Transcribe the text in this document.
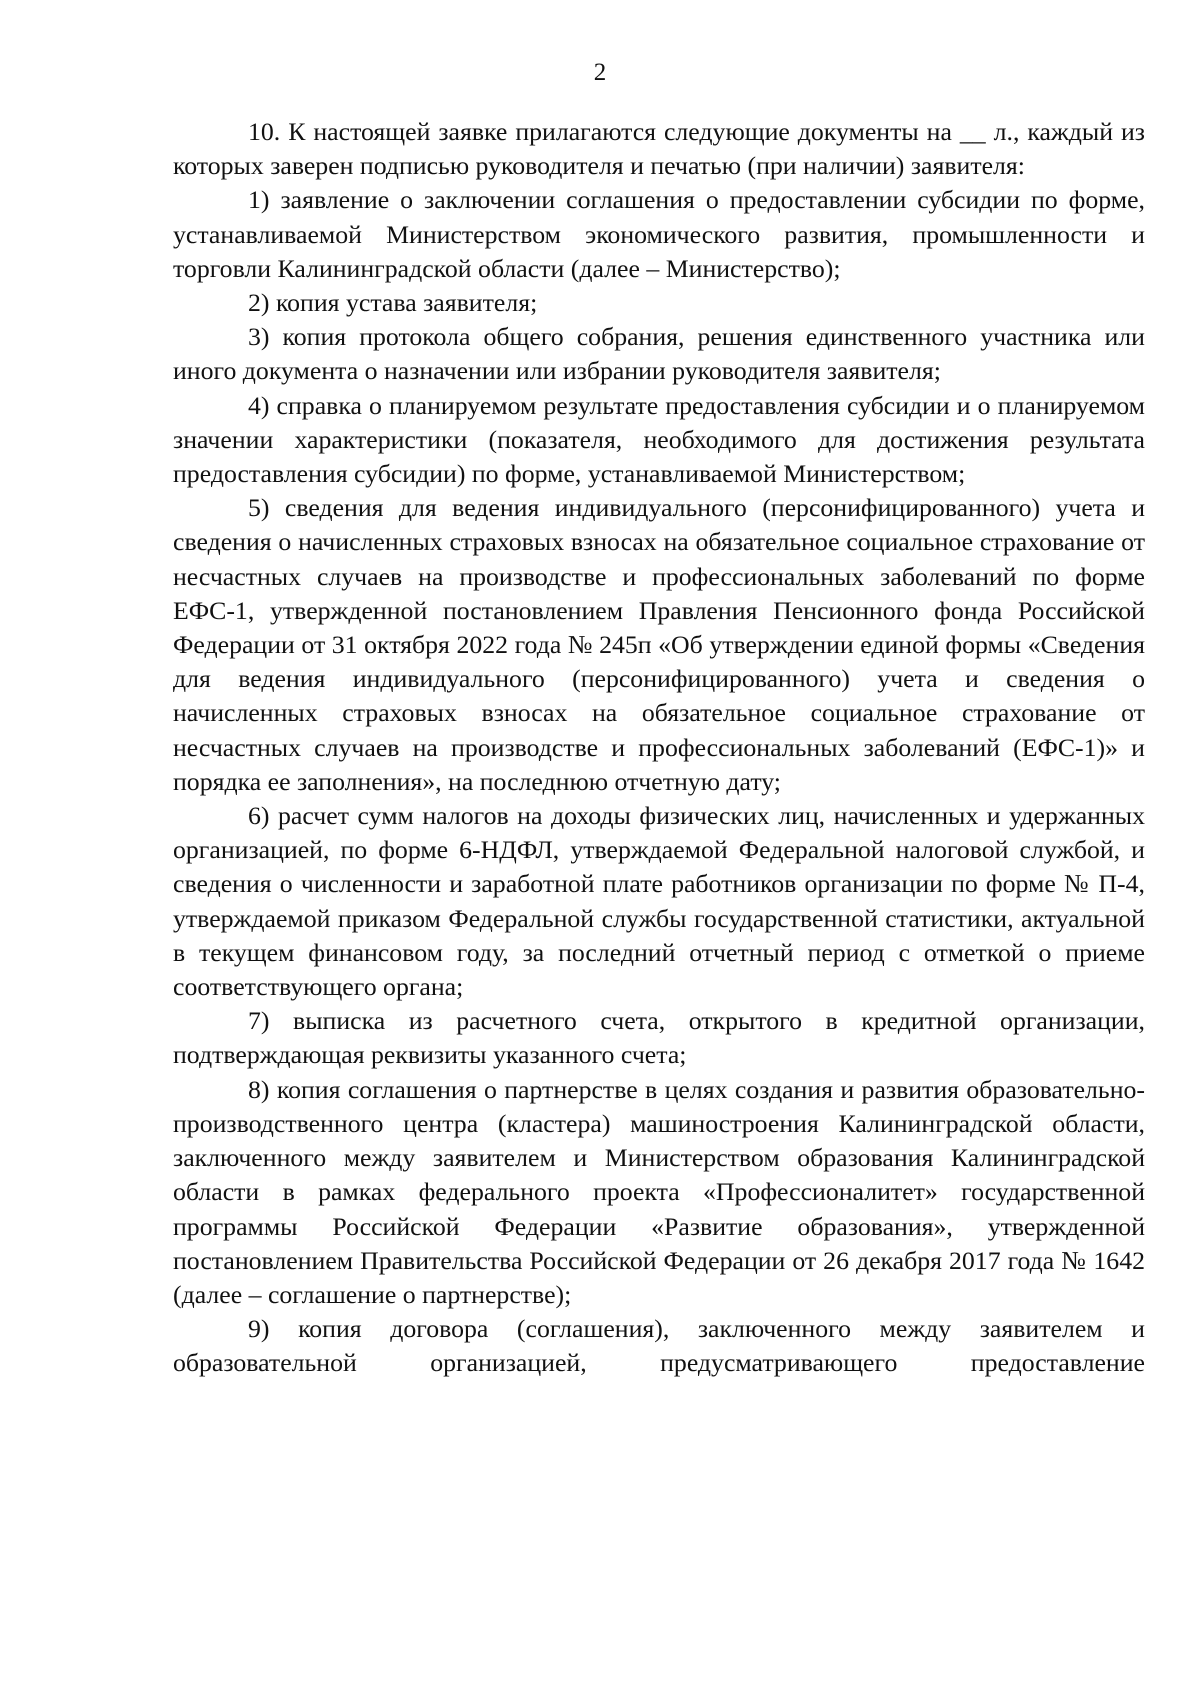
2

10. К настоящей заявке прилагаются следующие документы на __ л., каждый из которых заверен подписью руководителя и печатью (при наличии) заявителя:

1) заявление о заключении соглашения о предоставлении субсидии по форме, устанавливаемой Министерством экономического развития, промышленности и торговли Калининградской области (далее – Министерство);

2) копия устава заявителя;

3) копия протокола общего собрания, решения единственного участника или иного документа о назначении или избрании руководителя заявителя;

4) справка о планируемом результате предоставления субсидии и о планируемом значении характеристики (показателя, необходимого для достижения результата предоставления субсидии) по форме, устанавливаемой Министерством;

5) сведения для ведения индивидуального (персонифицированного) учета и сведения о начисленных страховых взносах на обязательное социальное страхование от несчастных случаев на производстве и профессиональных заболеваний по форме ЕФС-1, утвержденной постановлением Правления Пенсионного фонда Российской Федерации от 31 октября 2022 года № 245п «Об утверждении единой формы «Сведения для ведения индивидуального (персонифицированного) учета и сведения о начисленных страховых взносах на обязательное социальное страхование от несчастных случаев на производстве и профессиональных заболеваний (ЕФС-1)» и порядка ее заполнения», на последнюю отчетную дату;

6) расчет сумм налогов на доходы физических лиц, начисленных и удержанных организацией, по форме 6-НДФЛ, утверждаемой Федеральной налоговой службой, и сведения о численности и заработной плате работников организации по форме № П-4, утверждаемой приказом Федеральной службы государственной статистики, актуальной в текущем финансовом году, за последний отчетный период с отметкой о приеме соответствующего органа;

7) выписка из расчетного счета, открытого в кредитной организации, подтверждающая реквизиты указанного счета;

8) копия соглашения о партнерстве в целях создания и развития образовательно-производственного центра (кластера) машиностроения Калининградской области, заключенного между заявителем и Министерством образования Калининградской области в рамках федерального проекта «Профессионалитет» государственной программы Российской Федерации «Развитие образования», утвержденной постановлением Правительства Российской Федерации от 26 декабря 2017 года № 1642 (далее – соглашение о партнерстве);

9) копия договора (соглашения), заключенного между заявителем и образовательной организацией, предусматривающего предоставление
